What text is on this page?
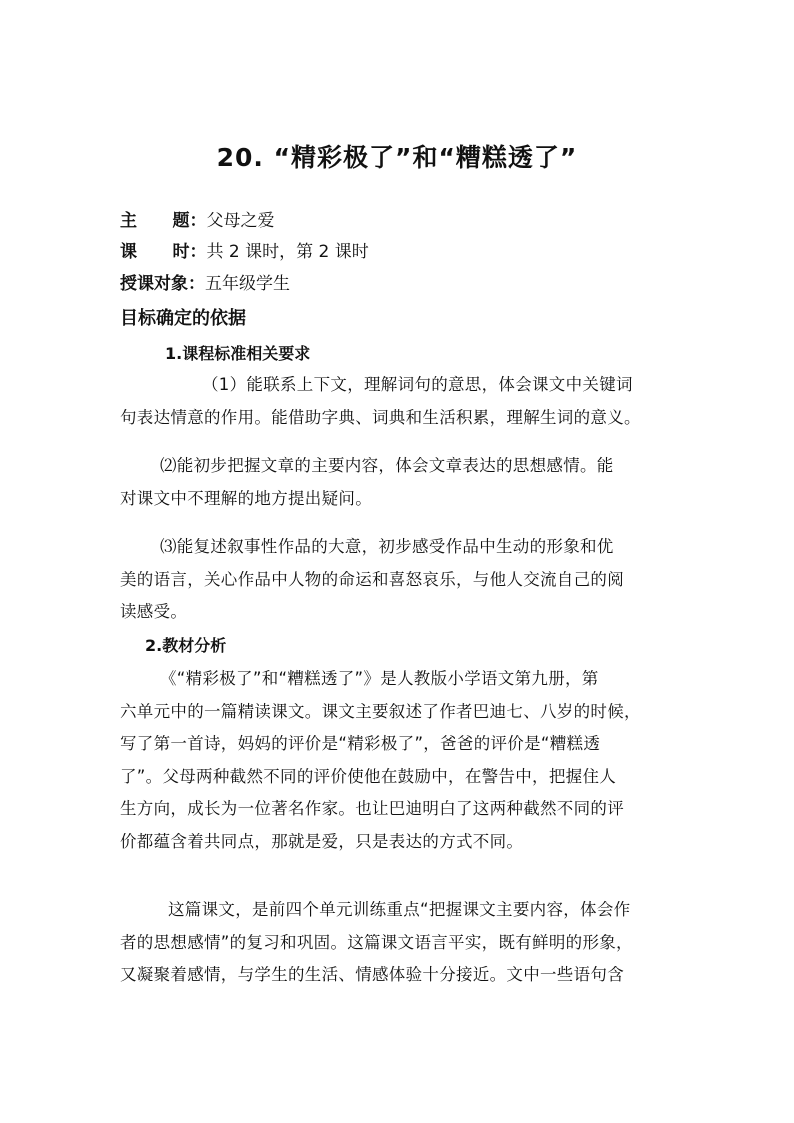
20. “精彩极了”和“糟糕透了”
主      题：父母之爱
课      时：共 2 课时，第 2 课时
授课对象：五年级学生
目标确定的依据
1.课程标准相关要求
（1）能联系上下文，理解词句的意思，体会课文中关键词
句表达情意的作用。能借助字典、词典和生活积累，理解生词的意义。
⑵能初步把握文章的主要内容，体会文章表达的思想感情。能
对课文中不理解的地方提出疑问。
⑶能复述叙事性作品的大意，初步感受作品中生动的形象和优
美的语言，关心作品中人物的命运和喜怒哀乐，与他人交流自己的阅
读感受。
2.教材分析
《“精彩极了”和“糟糕透了”》是人教版小学语文第九册，第
六单元中的一篇精读课文。课文主要叙述了作者巴迪七、八岁的时候，
写了第一首诗，妈妈的评价是“精彩极了”，爸爸的评价是“糟糕透
了”。父母两种截然不同的评价使他在鼓励中，在警告中，把握住人
生方向，成长为一位著名作家。也让巴迪明白了这两种截然不同的评
价都蕴含着共同点，那就是爱，只是表达的方式不同。
这篇课文，是前四个单元训练重点“把握课文主要内容，体会作
者的思想感情”的复习和巩固。这篇课文语言平实，既有鲜明的形象，
又凝聚着感情，与学生的生活、情感体验十分接近。文中一些语句含
